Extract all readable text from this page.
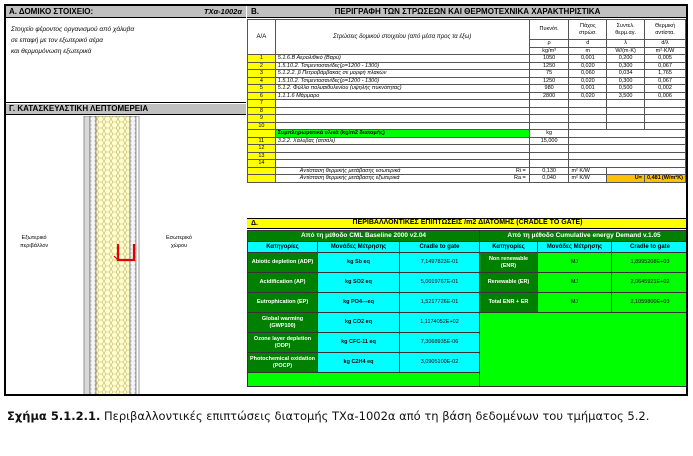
Α. ΔΟΜΙΚΟ ΣΤΟΙΧΕΙΟ:	ΤΧα-1002α
Στοιχείο φέροντος οργανισμού από χάλυβα
σε επαφή με τον εξωτερικό αέρα
και θερμομόνωση εξωτερικά
Γ. ΚΑΤΑΣΚΕΥΑΣΤΙΚΗ ΛΕΠΤΟΜΕΡΕΙΑ
Εξωτερικό
περιβάλλον
Εσωτερικό
χώρου
Β.	ΠΕΡΙΓΡΑΦΗ ΤΩΝ ΣΤΡΩΣΕΩΝ ΚΑΙ ΘΕΡΜΟΤΕΧΝΙΚΑ ΧΑΡΑΚΤΗΡΙΣΤΙΚΑ
Α/Α	Στρώσεις δομικού στοιχείου (από μέσα προς τα έξω)	Πυκνότ.	Πάχος στρώσ.	Συντελ. θερμ.αγ.	Θερμική αντίστα.
		ρ	d	λ	d/λ
		kg/m³	m	W/(m·K)	m²·K/W
1	5.1.6.Β Αερολιθικό (Βαρύ)	1050	0,001	0,200	0,005
2	1.5.10.2. Τσιμεντοσανίδες(ρ=1200 - 1300)	1250	0,020	0,300	0,067
3	5.1.2.2. β Πετροβάμβακας σε μορφή πλακών	75	0,060	0,034	1,765
4	1.5.10.2. Τσιμεντοσανίδες(ρ=1200 - 1300)	1250	0,020	0,300	0,067
5	5.1.2. Φύλλο πολυαιθυλενίου (υψηλής πυκνότητας)	980	0,001	0,500	0,002
6	1.1.1.6 Μάρμαρο	2800	0,020	3,500	0,006
7					
8					
9					
10					
	Συμπληρωματικά υλικά (kg/m2 διατομής)	kg			
11	3.2.2. Χάλυβας (ατσάλι)	15,000			
12					
13					
14					

	Αντίσταση θερμικής μετάβασης εσωτερικά Ri =	0,130	m² K/W		

	Αντίσταση θερμικής μετάβασης εξωτερικά Ra =	0,040	m² K/W	U=	0,481 (W/m²K)
Δ.	ΠΕΡΙΒΑΛΛΟΝΤΙΚΕΣ ΕΠΙΠΤΩΣΕΙΣ /m2 ΔΙΑΤΟΜΗΣ (CRADLE TO GATE)
Από τη μέθοδο CML Baseline 2000 v2.04		
Κατηγορίες	Μονάδες Μέτρησης	Cradle to gate
Abiotic depletion (ADP)	kg Sb eq	7,1497823E-01
Acidification (AP)	kg SO2 eq	5,0019767E-01
Eutrophication (EP)	kg PO4---eq	1,5217726E-01
Global warming (GWP100)	kg CO2 eq	1,1174052E+02
Ozone layer depletion (ODP)	kg CFC-11 eq	7,3068935E-06
Photochemical oxidation (POCP)	kg C2H4 eq	3,0905100E-02

Από τη μέθοδο Cumulative energy Demand v.1.05		
Κατηγορίες	Μονάδες Μέτρησης	Cradle to gate
Non renewable (ENR)	MJ	1,8995208E+03
Renewable (ER)	MJ	2,0645921E+02
Total ENR + ER	MJ	2,1059800E+03

Σχήμα 5.1.2.1. Περιβαλλοντικές επιπτώσεις διατομής ΤΧα-1002α από τη βάση δεδομένων του τμήματος 5.2.
